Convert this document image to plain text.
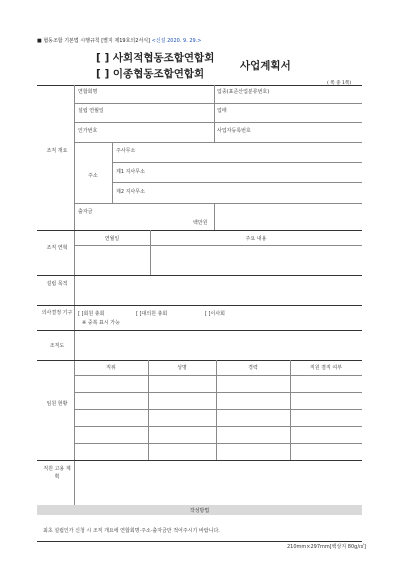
■ 협동조합 기본법 시행규칙 [별지 제19호의2서식] <신설 2020. 9. 29.>
[ ] 사회적협동조합연합회
[ ] 이종협동조합연합회
사업계획서
( 쪽 중 1쪽)
조직 개요
연합회명	업종(표준산업분류번호)
설립 연월일	업태
인가번호	사업자등록번호
주소
주사무소
제1 지사무소
제2 지사무소
출자금
백만원
조직 연혁
연월일	주요 내용
설립 목적
의사결정 기구	[ ]회원 총회	[ ]대의원 총회	[ ]이사회
※ 중복 표시 가능
조직도
임원 현황
직위	성명	경력	직원 겸직 여부
직원 고용 계획
작성방법
최초 설립인가 신청 시 조직 개요에 연합회명·주소·출자금만 적어주시기 바랍니다.
210mm×297mm[백상지 80g/㎡]
